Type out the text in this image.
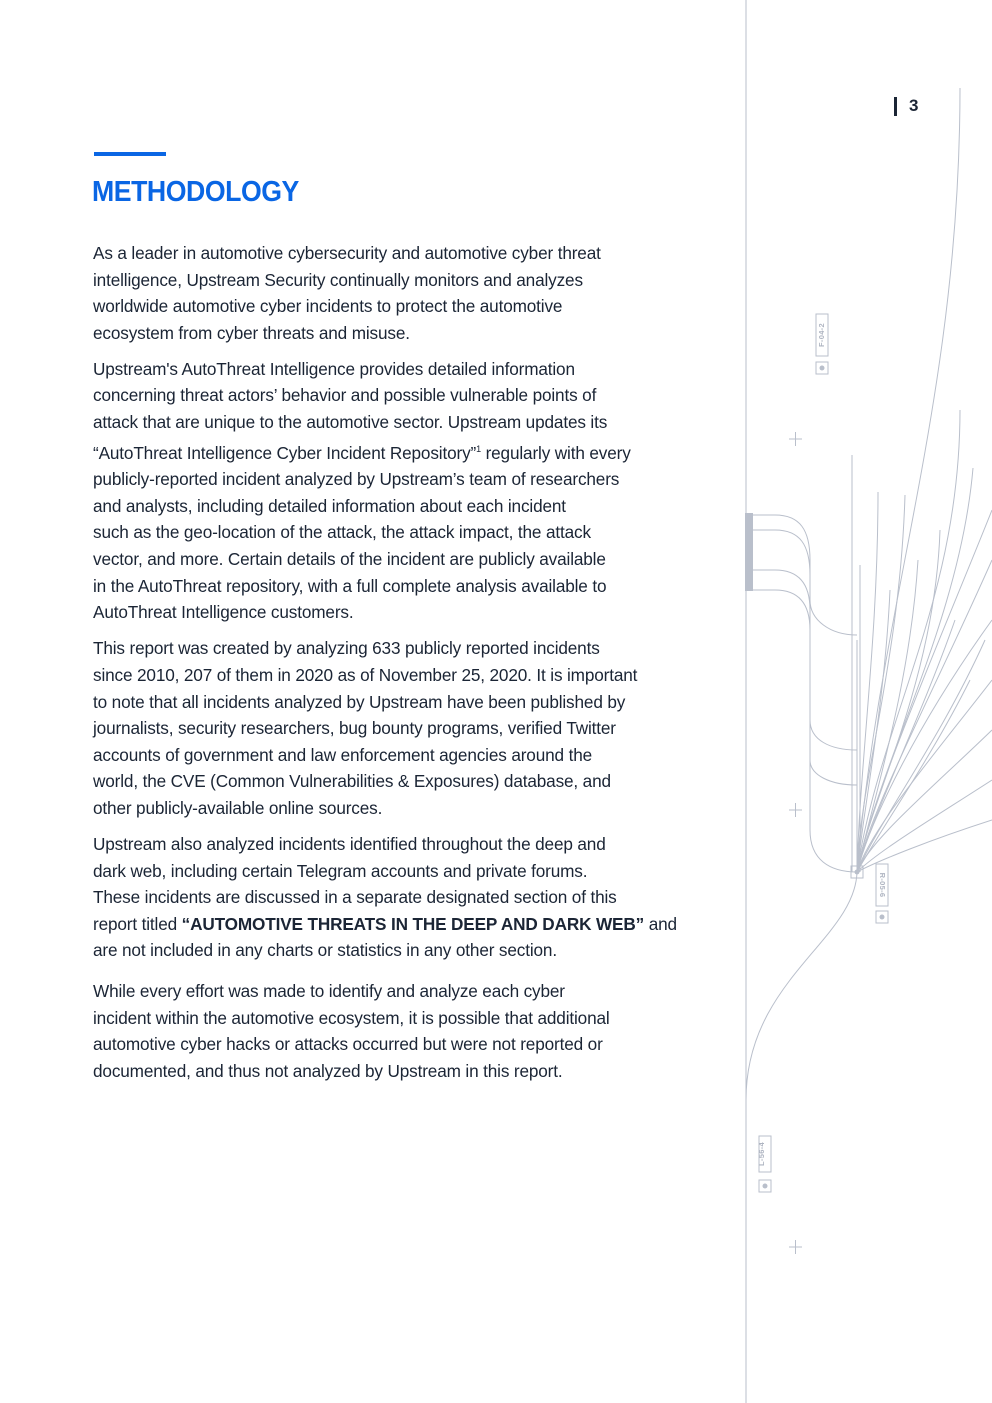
F-04-2
R-05-6
L-56-4
3
METHODOLOGY

As a leader in automotive cybersecurity and automotive cyber threat
intelligence, Upstream Security continually monitors and analyzes
worldwide automotive cyber incidents to protect the automotive
ecosystem from cyber threats and misuse.

Upstream's AutoThreat Intelligence provides detailed information
concerning threat actors’ behavior and possible vulnerable points of
attack that are unique to the automotive sector. Upstream updates its
“AutoThreat Intelligence Cyber Incident Repository”$^1$ regularly with every
publicly-reported incident analyzed by Upstream’s team of researchers
and analysts, including detailed information about each incident
such as the geo-location of the attack, the attack impact, the attack
vector, and more. Certain details of the incident are publicly available
in the AutoThreat repository, with a full complete analysis available to
AutoThreat Intelligence customers.

This report was created by analyzing 633 publicly reported incidents
since 2010, 207 of them in 2020 as of November 25, 2020. It is important
to note that all incidents analyzed by Upstream have been published by
journalists, security researchers, bug bounty programs, verified Twitter
accounts of government and law enforcement agencies around the
world, the CVE (Common Vulnerabilities & Exposures) database, and
other publicly-available online sources.

Upstream also analyzed incidents identified throughout the deep and
dark web, including certain Telegram accounts and private forums.
These incidents are discussed in a separate designated section of this
report titled “AUTOMOTIVE THREATS IN THE DEEP AND DARK WEB” and
are not included in any charts or statistics in any other section.

While every effort was made to identify and analyze each cyber
incident within the automotive ecosystem, it is possible that additional
automotive cyber hacks or attacks occurred but were not reported or
documented, and thus not analyzed by Upstream in this report.
